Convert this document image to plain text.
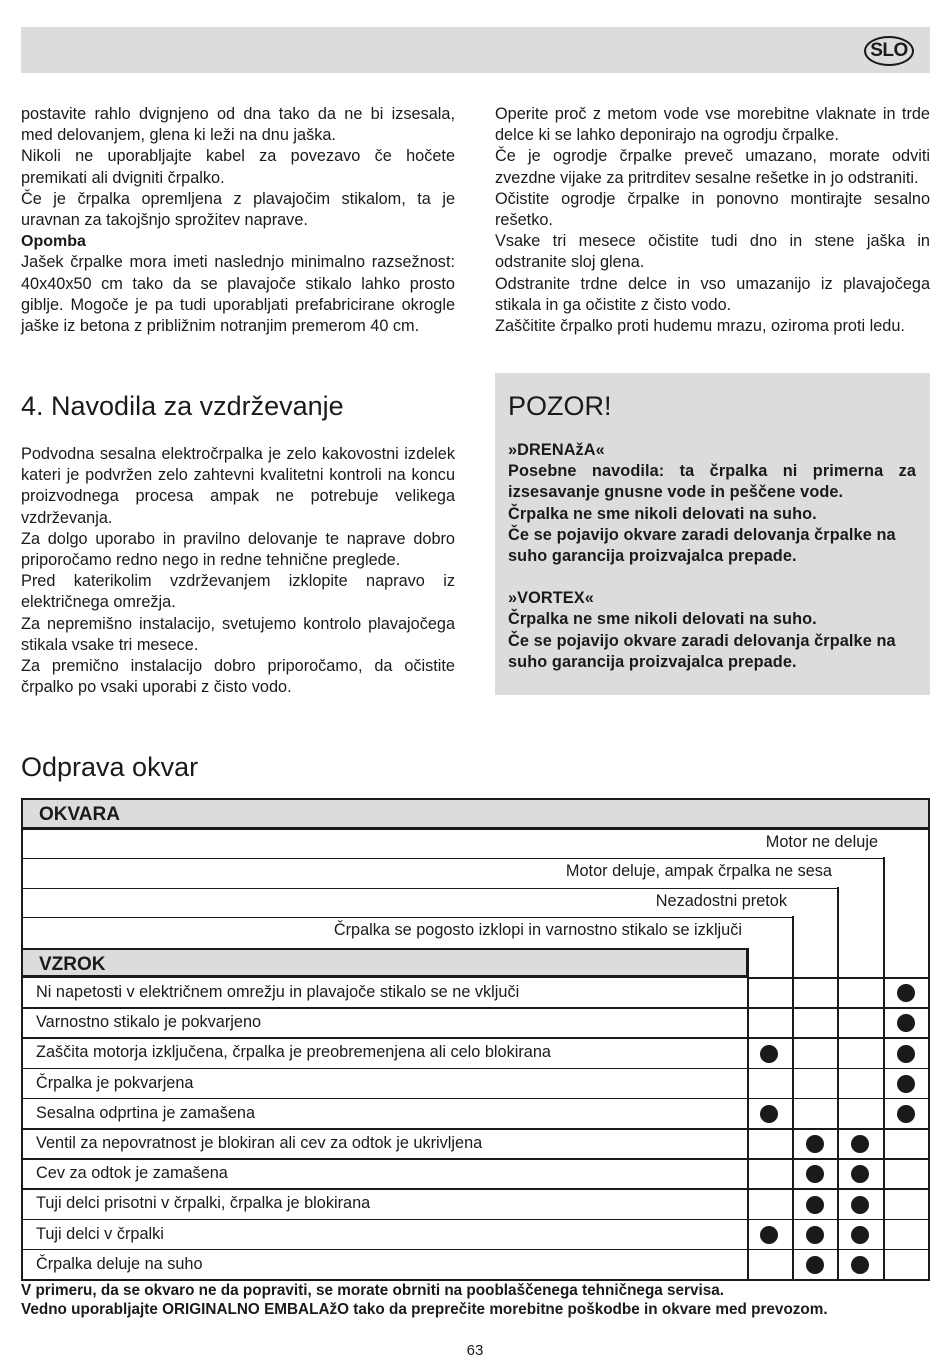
SLO

postavite rahlo dvignjeno od dna tako da ne bi izsesala, med delovanjem, glena ki leži na dnu jaška.

Nikoli ne uporabljajte kabel za povezavo če hočete premikati ali dvigniti črpalko.

Če je črpalka opremljena z plavajočim stikalom, ta je uravnan za takojšnjo sprožitev naprave.

Opomba

Jašek črpalke mora imeti naslednjo minimalno razsežnost: 40x40x50 cm tako da se plavajoče stikalo lahko prosto giblje. Mogoče je pa tudi uporabljati prefabricirane okrogle jaške iz betona z približnim notranjim premerom 40 cm.

Operite proč z metom vode vse morebitne vlaknate in trde delce ki se lahko deponirajo na ogrodju črpalke.

Če je ogrodje črpalke preveč umazano, morate odviti zvezdne vijake za pritrditev sesalne rešetke in jo odstraniti.

Očistite ogrodje črpalke in ponovno montirajte sesalno rešetko.

Vsake tri mesece očistite tudi dno in stene jaška in odstranite sloj glena.

Odstranite trdne delce in vso umazanijo iz plavajočega stikala in ga očistite z čisto vodo.

Zaščitite črpalko proti hudemu mrazu, oziroma proti ledu.

4. Navodila za vzdrževanje

Podvodna sesalna elektročrpalka je zelo kakovostni izdelek kateri je podvržen zelo zahtevni kvalitetni kontroli na koncu proizvodnega procesa ampak ne potrebuje velikega vzdrževanja.

Za dolgo uporabo in pravilno delovanje te naprave dobro priporočamo redno nego in redne tehnične preglede.

Pred katerikolim vzdrževanjem izklopite napravo iz električnega omrežja.

Za nepremišno instalacijo, svetujemo kontrolo plavajočega stikala vsake tri mesece.

Za premično instalacijo dobro priporočamo, da očistite črpalko po vsaki uporabi z čisto vodo.

POZOR!

»DRENAžA«

Posebne navodila: ta črpalka ni primerna za izsesavanje gnusne vode in peščene vode.

Črpalka ne sme nikoli delovati na suho.

Če se pojavijo okvare zaradi delovanja črpalke na suho garancija proizvajalca prepade.

»VORTEX«

Črpalka ne sme nikoli delovati na suho.

Če se pojavijo okvare zaradi delovanja črpalke na suho garancija proizvajalca prepade.

Odprava okvar
OKVARA
Motor ne deluje
Motor deluje, ampak črpalka ne sesa
Nezadostni pretok
Črpalka se pogosto izklopi in varnostno stikalo se izključi
VZROK
Ni napetosti v električnem omrežju in plavajoče stikalo se ne vključi
Varnostno stikalo je pokvarjeno
Zaščita motorja izključena, črpalka je preobremenjena ali celo blokirana
Črpalka je pokvarjena
Sesalna odprtina je zamašena
Ventil za nepovratnost je blokiran ali cev za odtok je ukrivljena
Cev za odtok je zamašena
Tuji delci prisotni v črpalki, črpalka je blokirana
Tuji delci v črpalki
Črpalka deluje na suho

V primeru, da se okvaro ne da popraviti, se morate obrniti na pooblaščenega tehničnega servisa.

Vedno uporabljajte ORIGINALNO EMBALAžO tako da preprečite morebitne poškodbe in okvare med prevozom.

63
